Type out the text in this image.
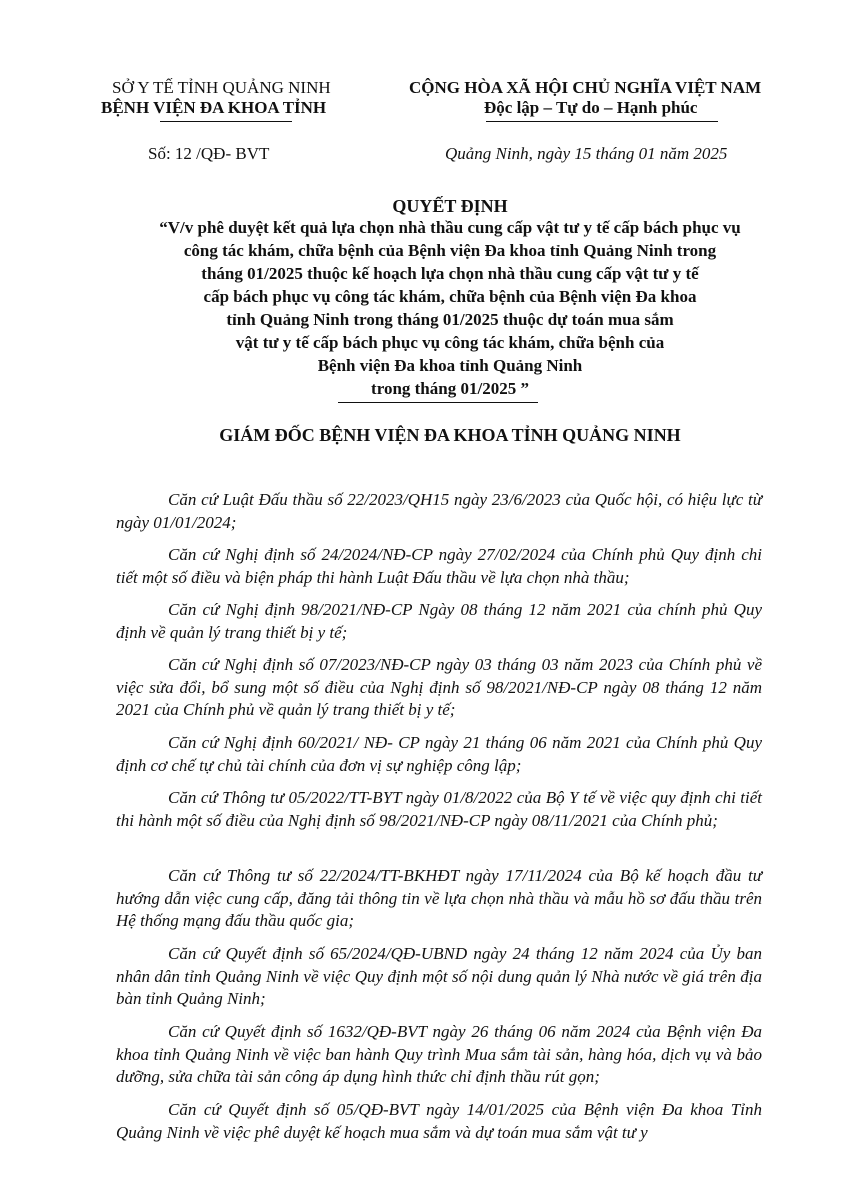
SỞ Y TẾ TỈNH QUẢNG NINH
BỆNH VIỆN ĐA KHOA TỈNH
Số: 12 /QĐ- BVT
CỘNG HÒA XÃ HỘI CHỦ NGHĨA VIỆT NAM
Độc lập – Tự do – Hạnh phúc
Quảng Ninh, ngày 15 tháng 01 năm 2025
QUYẾT ĐỊNH
“V/v phê duyệt kết quả lựa chọn nhà thầu cung cấp vật tư y tế cấp bách phục vụ
công tác khám, chữa bệnh của Bệnh viện Đa khoa tỉnh Quảng Ninh trong
tháng 01/2025 thuộc kế hoạch lựa chọn nhà thầu cung cấp vật tư y tế
cấp bách phục vụ công tác khám, chữa bệnh của Bệnh viện Đa khoa
tỉnh Quảng Ninh trong tháng 01/2025 thuộc dự toán mua sắm
vật tư y tế cấp bách phục vụ công tác khám, chữa bệnh của
Bệnh viện Đa khoa tỉnh Quảng Ninh
trong tháng 01/2025 ”
GIÁM ĐỐC BỆNH VIỆN ĐA KHOA TỈNH QUẢNG NINH
Căn cứ Luật Đấu thầu số 22/2023/QH15 ngày 23/6/2023 của Quốc hội, có hiệu lực từ ngày 01/01/2024;
Căn cứ Nghị định số 24/2024/NĐ-CP ngày 27/02/2024 của Chính phủ Quy định chi tiết một số điều và biện pháp thi hành Luật Đấu thầu về lựa chọn nhà thầu;
Căn cứ Nghị định 98/2021/NĐ-CP Ngày 08 tháng 12 năm 2021 của chính phủ Quy định về quản lý trang thiết bị y tế;
Căn cứ Nghị định số 07/2023/NĐ-CP ngày 03 tháng 03 năm 2023 của Chính phủ về việc sửa đổi, bổ sung một số điều của Nghị định số 98/2021/NĐ-CP ngày 08 tháng 12 năm 2021 của Chính phủ về quản lý trang thiết bị y tế;
Căn cứ Nghị định 60/2021/ NĐ- CP ngày 21 tháng 06 năm 2021 của Chính phủ Quy định cơ chế tự chủ tài chính của đơn vị sự nghiệp công lập;
Căn cứ Thông tư 05/2022/TT-BYT ngày 01/8/2022 của Bộ Y tế về việc quy định chi tiết thi hành một số điều của Nghị định số 98/2021/NĐ-CP ngày 08/11/2021 của Chính phủ;
Căn cứ Thông tư số 22/2024/TT-BKHĐT ngày 17/11/2024 của Bộ kế hoạch đầu tư hướng dẫn việc cung cấp, đăng tải thông tin về lựa chọn nhà thầu và mẫu hồ sơ đấu thầu trên Hệ thống mạng đấu thầu quốc gia;
Căn cứ Quyết định số 65/2024/QĐ-UBND ngày 24 tháng 12 năm 2024 của Ủy ban nhân dân tỉnh Quảng Ninh về việc Quy định một số nội dung quản lý Nhà nước về giá trên địa bàn tỉnh Quảng Ninh;
Căn cứ Quyết định số 1632/QĐ-BVT ngày 26 tháng 06 năm 2024 của Bệnh viện Đa khoa tỉnh Quảng Ninh về việc ban hành Quy trình Mua sắm tài sản, hàng hóa, dịch vụ và bảo dưỡng, sửa chữa tài sản công áp dụng hình thức chỉ định thầu rút gọn;
Căn cứ Quyết định số 05/QĐ-BVT ngày 14/01/2025 của Bệnh viện Đa khoa Tỉnh Quảng Ninh về việc phê duyệt kế hoạch mua sắm và dự toán mua sắm vật tư y
